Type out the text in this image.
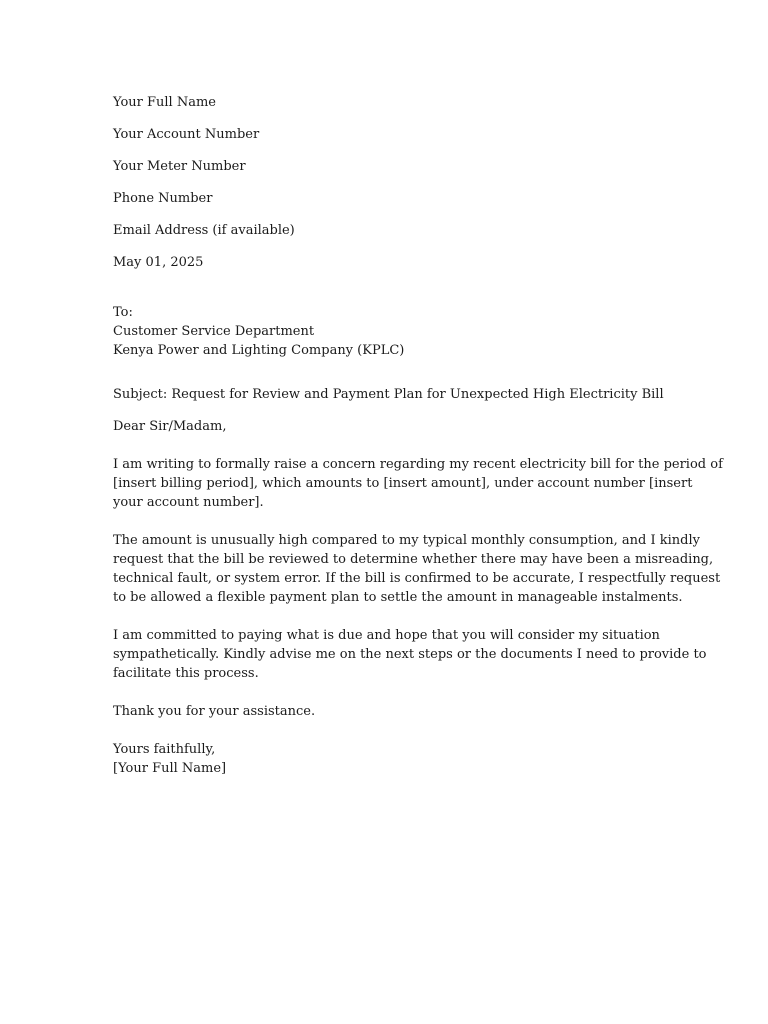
Your Full Name
Your Account Number
Your Meter Number
Phone Number
Email Address (if available)
May 01, 2025
To:
Customer Service Department
Kenya Power and Lighting Company (KPLC)
Subject: Request for Review and Payment Plan for Unexpected High Electricity Bill
Dear Sir/Madam,
I am writing to formally raise a concern regarding my recent electricity bill for the period of
[insert billing period], which amounts to [insert amount], under account number [insert
your account number].
The amount is unusually high compared to my typical monthly consumption, and I kindly
request that the bill be reviewed to determine whether there may have been a misreading,
technical fault, or system error. If the bill is confirmed to be accurate, I respectfully request
to be allowed a flexible payment plan to settle the amount in manageable instalments.
I am committed to paying what is due and hope that you will consider my situation
sympathetically. Kindly advise me on the next steps or the documents I need to provide to
facilitate this process.
Thank you for your assistance.
Yours faithfully,
[Your Full Name]
